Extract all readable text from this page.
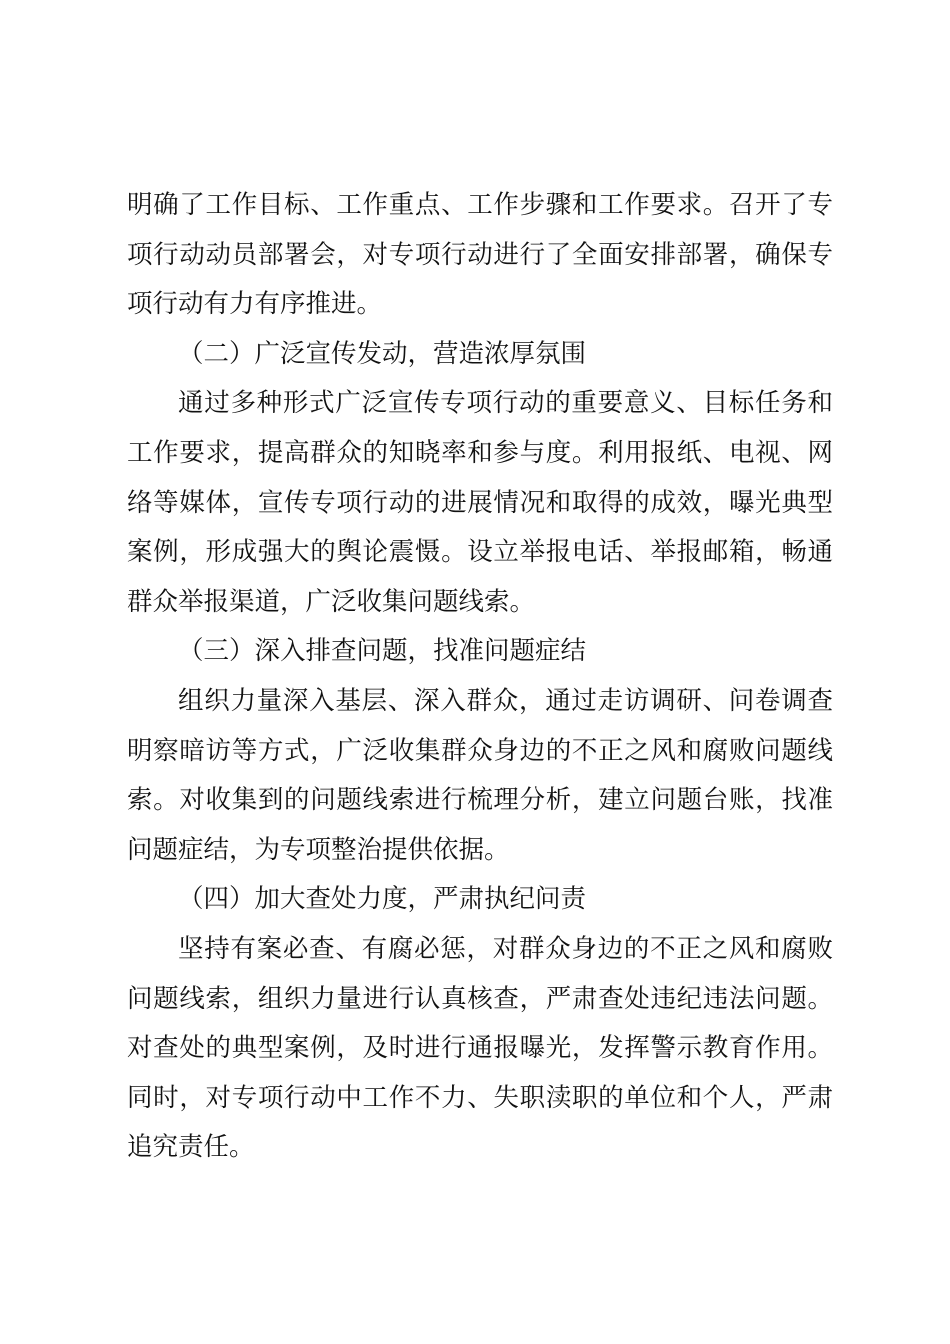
明确了工作目标、工作重点、工作步骤和工作要求。召开了专项行动动员部署会，对专项行动进行了全面安排部署，确保专项行动有力有序推进。

（二）广泛宣传发动，营造浓厚氛围

通过多种形式广泛宣传专项行动的重要意义、目标任务和工作要求，提高群众的知晓率和参与度。利用报纸、电视、网络等媒体，宣传专项行动的进展情况和取得的成效，曝光典型案例，形成强大的舆论震慑。设立举报电话、举报邮箱，畅通群众举报渠道，广泛收集问题线索。

（三）深入排查问题，找准问题症结

组织力量深入基层、深入群众，通过走访调研、问卷调查明察暗访等方式，广泛收集群众身边的不正之风和腐败问题线索。对收集到的问题线索进行梳理分析，建立问题台账，找准问题症结，为专项整治提供依据。

（四）加大查处力度，严肃执纪问责

坚持有案必查、有腐必惩，对群众身边的不正之风和腐败问题线索，组织力量进行认真核查，严肃查处违纪违法问题。对查处的典型案例，及时进行通报曝光，发挥警示教育作用。同时，对专项行动中工作不力、失职渎职的单位和个人，严肃追究责任。
